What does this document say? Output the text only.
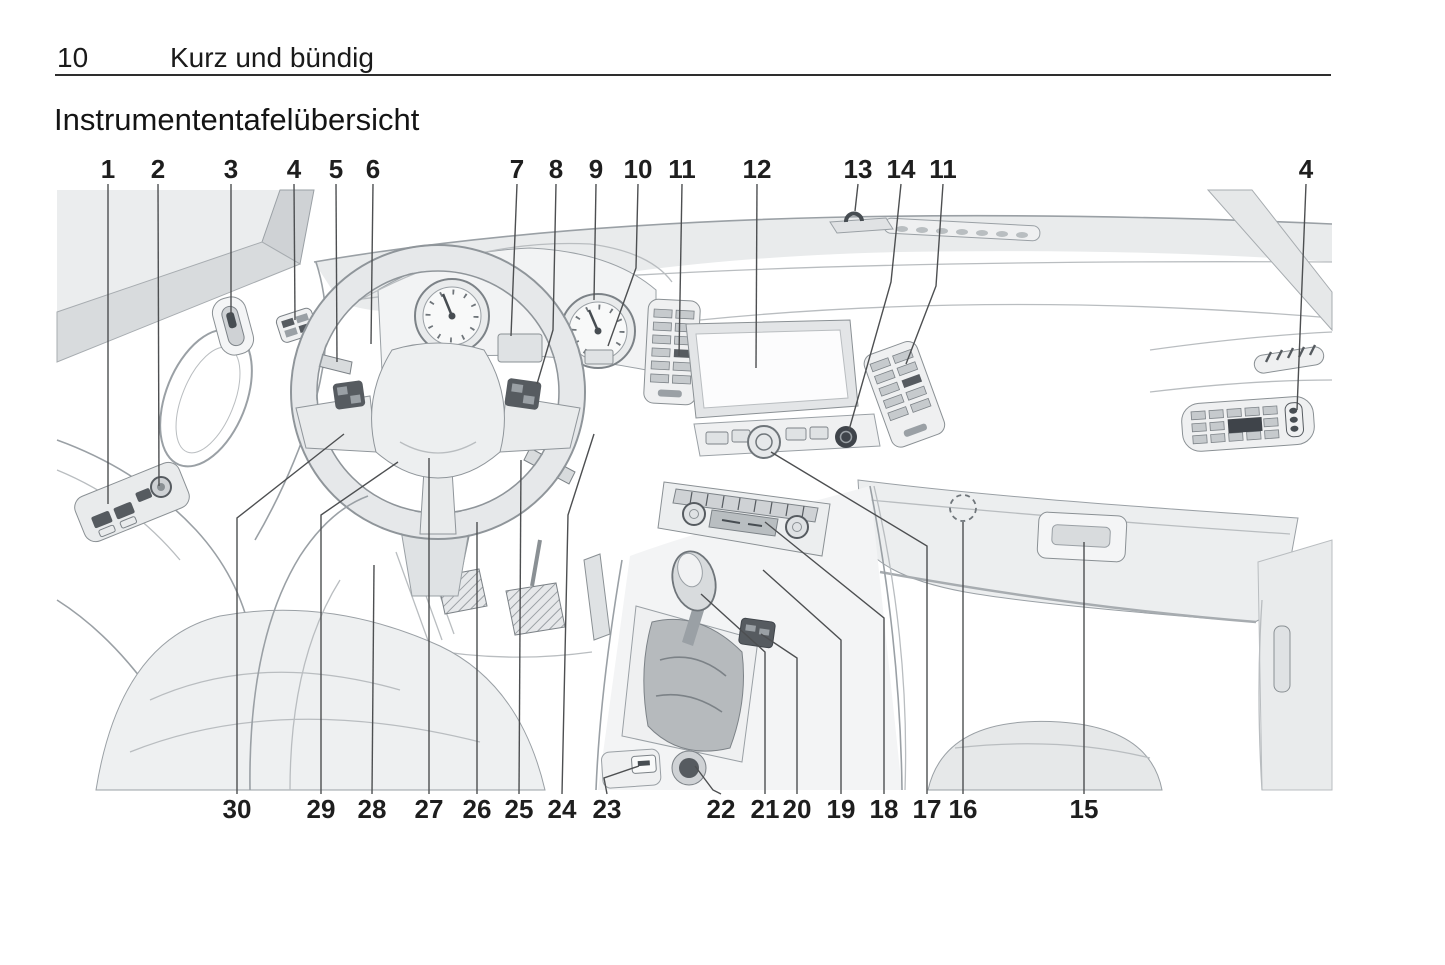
10	Kurz und bündig
Instrumententafelübersicht
1 2 3 4 5 6	7 8 9 10 11 12	13 14 11	4
30 29 28 27 26 25 24 23	22 21 20 19 18 17 16	15
